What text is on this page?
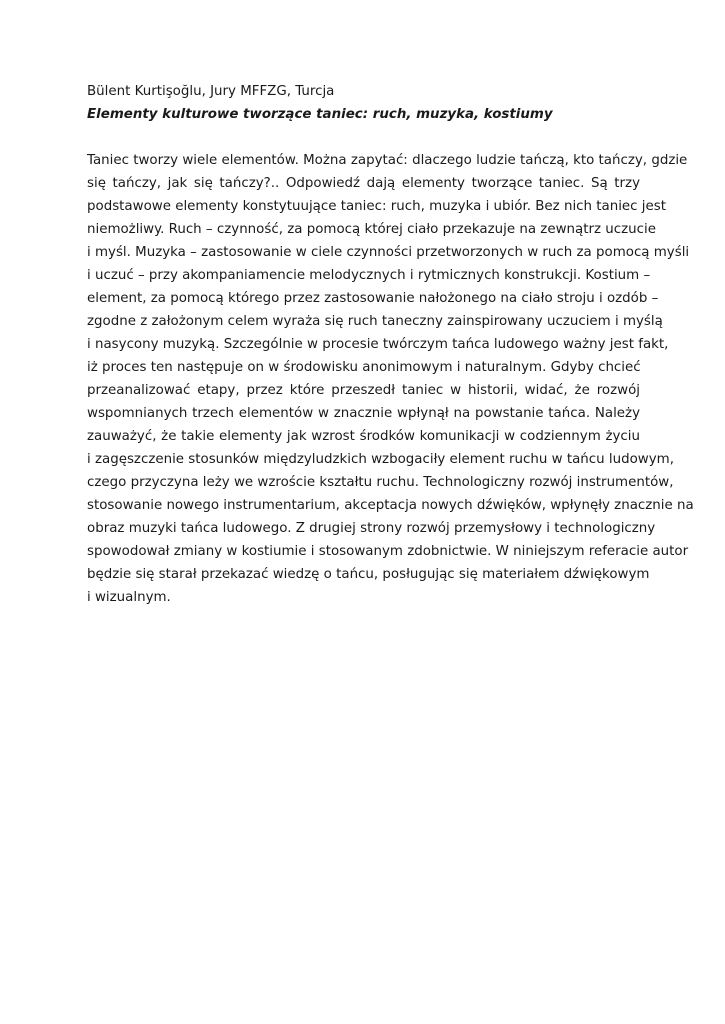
Bülent Kurtişoğlu, Jury MFFZG, Turcja

Elementy kulturowe tworzące taniec: ruch, muzyka, kostiumy

Taniec tworzy wiele elementów. Można zapytać: dlaczego ludzie tańczą, kto tańczy, gdzie
się tańczy, jak się tańczy?.. Odpowiedź dają elementy tworzące taniec. Są trzy
podstawowe elementy konstytuujące taniec: ruch, muzyka i ubiór. Bez nich taniec jest
niemożliwy. Ruch – czynność, za pomocą której ciało przekazuje na zewnątrz uczucie
i myśl. Muzyka – zastosowanie w ciele czynności przetworzonych w ruch za pomocą myśli
i uczuć – przy akompaniamencie melodycznych i rytmicznych konstrukcji. Kostium –
element, za pomocą którego przez zastosowanie nałożonego na ciało stroju i ozdób –
zgodne z założonym celem wyraża się ruch taneczny zainspirowany uczuciem i myślą
i nasycony muzyką. Szczególnie w procesie twórczym tańca ludowego ważny jest fakt,
iż proces ten następuje on w środowisku anonimowym i naturalnym. Gdyby chcieć
przeanalizować etapy, przez które przeszedł taniec w historii, widać, że rozwój
wspomnianych trzech elementów w znacznie wpłynął na powstanie tańca. Należy
zauważyć, że takie elementy jak wzrost środków komunikacji w codziennym życiu
i zagęszczenie stosunków międzyludzkich wzbogaciły element ruchu w tańcu ludowym,
czego przyczyna leży we wzroście kształtu ruchu. Technologiczny rozwój instrumentów,
stosowanie nowego instrumentarium, akceptacja nowych dźwięków, wpłynęły znacznie na
obraz muzyki tańca ludowego. Z drugiej strony rozwój przemysłowy i technologiczny
spowodował zmiany w kostiumie i stosowanym zdobnictwie. W niniejszym referacie autor
będzie się starał przekazać wiedzę o tańcu, posługując się materiałem dźwiękowym
i wizualnym.
